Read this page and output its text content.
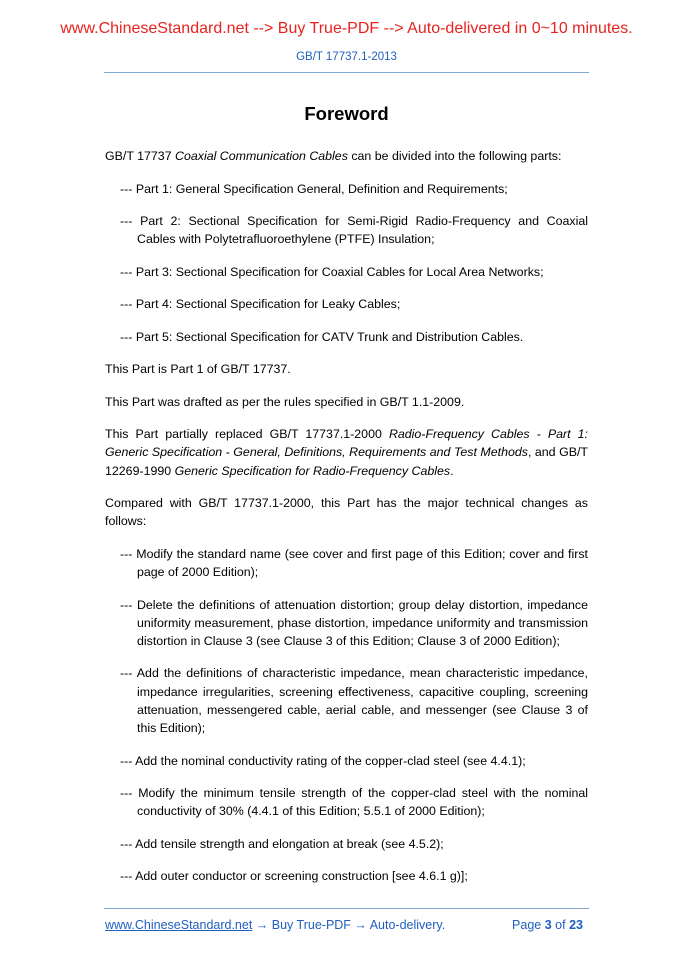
www.ChineseStandard.net --> Buy True-PDF --> Auto-delivered in 0~10 minutes.
GB/T 17737.1-2013
Foreword

GB/T 17737 Coaxial Communication Cables can be divided into the following parts:

--- Part 1: General Specification General, Definition and Requirements;

--- Part 2: Sectional Specification for Semi-Rigid Radio-Frequency and Coaxial Cables with Polytetrafluoroethylene (PTFE) Insulation;

--- Part 3: Sectional Specification for Coaxial Cables for Local Area Networks;

--- Part 4: Sectional Specification for Leaky Cables;

--- Part 5: Sectional Specification for CATV Trunk and Distribution Cables.

This Part is Part 1 of GB/T 17737.

This Part was drafted as per the rules specified in GB/T 1.1-2009.

This Part partially replaced GB/T 17737.1-2000 Radio-Frequency Cables - Part 1: Generic Specification - General, Definitions, Requirements and Test Methods, and GB/T 12269-1990 Generic Specification for Radio-Frequency Cables.

Compared with GB/T 17737.1-2000, this Part has the major technical changes as follows:

--- Modify the standard name (see cover and first page of this Edition; cover and first page of 2000 Edition);

--- Delete the definitions of attenuation distortion; group delay distortion, impedance uniformity measurement, phase distortion, impedance uniformity and transmission distortion in Clause 3 (see Clause 3 of this Edition; Clause 3 of 2000 Edition);

--- Add the definitions of characteristic impedance, mean characteristic impedance, impedance irregularities, screening effectiveness, capacitive coupling, screening attenuation, messengered cable, aerial cable, and messenger (see Clause 3 of this Edition);

--- Add the nominal conductivity rating of the copper-clad steel (see 4.4.1);

--- Modify the minimum tensile strength of the copper-clad steel with the nominal conductivity of 30% (4.4.1 of this Edition; 5.5.1 of 2000 Edition);

--- Add tensile strength and elongation at break (see 4.5.2);

--- Add outer conductor or screening construction [see 4.6.1 g)];

www.ChineseStandard.net → Buy True-PDF → Auto-delivery.	Page 3 of 23
